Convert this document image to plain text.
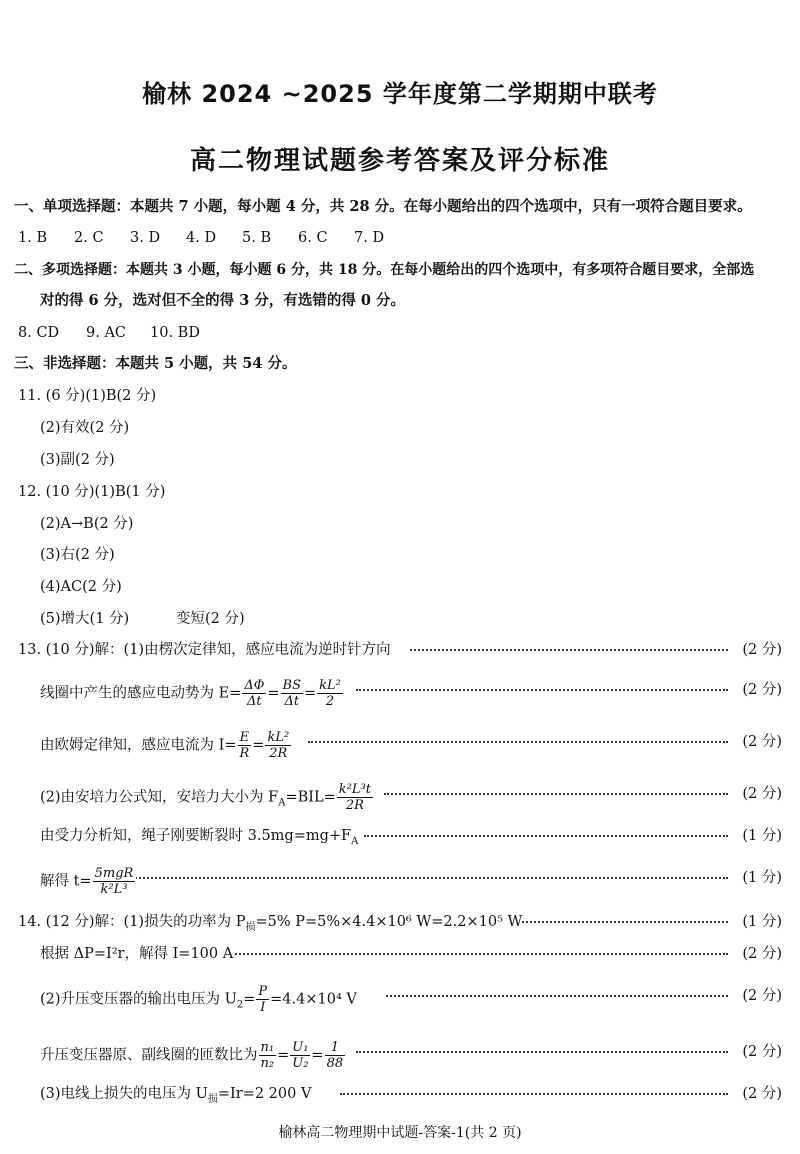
榆林 2024 ~2025 学年度第二学期期中联考
高二物理试题参考答案及评分标准
一、单项选择题：本题共 7 小题，每小题 4 分，共 28 分。在每小题给出的四个选项中，只有一项符合题目要求。
1. B 2. C 3. D 4. D 5. B 6. C 7. D
二、多项选择题：本题共 3 小题，每小题 6 分，共 18 分。在每小题给出的四个选项中，有多项符合题目要求，全部选
对的得 6 分，选对但不全的得 3 分，有选错的得 0 分。
8. CD 9. AC 10. BD
三、非选择题：本题共 5 小题，共 54 分。
11. (6 分)(1)B(2 分)
(2)有效(2 分)
(3)副(2 分)
12. (10 分)(1)B(1 分)
(2)A→B(2 分)
(3)右(2 分)
(4)AC(2 分)
(5)增大(1 分)	变短(2 分)
13. (10 分)解：(1)由楞次定律知，感应电流为逆时针方向	(2 分)
线圈中产生的感应电动势为 $E= \frac{\Delta\Phi}{\Delta t} = \frac{BS}{\Delta t} = \frac{\text{kL²}}{2}$	(2 分)
由欧姆定律知，感应电流为 $I= \frac{E}{R} = \frac{\text{kL²}}{2R}$	(2 分)
(2)由安培力公式知，安培力大小为 $F_A=BIL= \frac{\text{k²L³t}}{2R}$	(2 分)
由受力分析知，绳子刚要断裂时 $3.5mg=mg+F_A$	(1 分)
解得 $t= \frac{\text{5mgR}}{\text{k²L³}}$	(1 分)
14. (12 分)解：(1)损失的功率为 $P_损=5\%$ P=5%×4.4×10⁶ W=2.2×10⁵ W	(1 分)
根据 ΔP=I²r，解得 I=100 A	(2 分)
(2)升压变压器的输出电压为 $U_2= \frac{P}{I} =4.4\times 10^4$ V	(2 分)
升压变压器原、副线圈的匝数比为 $\frac{\text{n₁}}{\text{n₂}} = \frac{\text{U₁}}{\text{U₂}} = \frac{1}{88}$	(2 分)
(3)电线上损失的电压为 $U_损=Ir=2$ 200 V	(2 分)
榆林高二物理期中试题-答案-1(共 2 页)
